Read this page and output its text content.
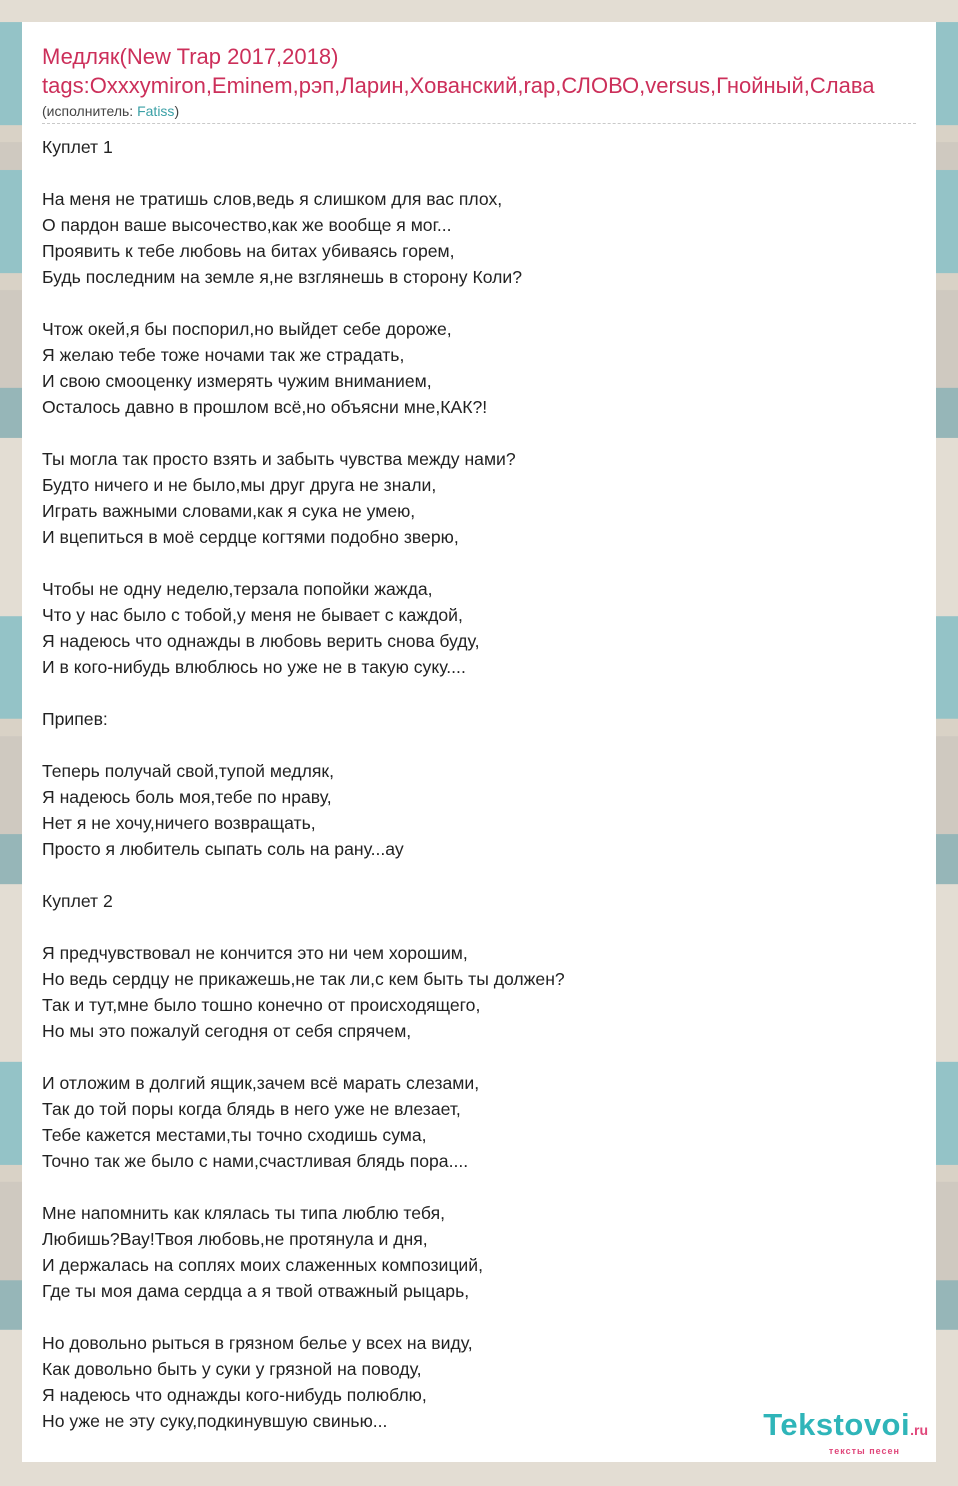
Медляк(New Trap 2017,2018)
tags:Oxxxymiron,Eminem,рэп,Ларин,Хованский,rap,СЛОВО,versus,Гнойный,Слава
(исполнитель: Fatiss)
Куплет 1
На меня не тратишь слов,ведь я слишком для вас плох,
О пардон ваше высочество,как же вообще я мог...
Проявить к тебе любовь на битах убиваясь горем,
Будь последним на земле я,не взглянешь в сторону Коли?
Чтож окей,я бы поспорил,но выйдет себе дороже,
Я желаю тебе тоже ночами так же страдать,
И свою смооценку измерять чужим вниманием,
Осталось давно в прошлом всё,но объясни мне,КАК?!
Ты могла так просто взять и забыть чувства между нами?
Будто ничего и не было,мы друг друга не знали,
Играть важными словами,как я сука не умею,
И вцепиться в моё сердце когтями подобно зверю,
Чтобы не одну неделю,терзала попойки жажда,
Что у нас было с тобой,у меня не бывает с каждой,
Я надеюсь что однажды в любовь верить снова буду,
И в кого-нибудь влюблюсь но уже не в такую суку....
Припев:
Теперь получай свой,тупой медляк,
Я надеюсь боль моя,тебе по нраву,
Нет я не хочу,ничего возвращать,
Просто я любитель сыпать соль на рану...ау
Куплет 2
Я предчувствовал не кончится это ни чем хорошим,
Но ведь сердцу не прикажешь,не так ли,с кем быть ты должен?
Так и тут,мне было тошно конечно от происходящего,
Но мы это пожалуй сегодня от себя спрячем,
И отложим в долгий ящик,зачем всё марать слезами,
Так до той поры когда блядь в него уже не влезает,
Тебе кажется местами,ты точно сходишь сума,
Точно так же было с нами,счастливая блядь пора....
Мне напомнить как клялась ты типа люблю тебя,
Любишь?Вау!Твоя любовь,не протянула и дня,
И держалась на соплях моих слаженных композиций,
Где ты моя дама сердца а я твой отважный рыцарь,
Но довольно рыться в грязном белье у всех на виду,
Как довольно быть у суки у грязной на поводу,
Я надеюсь что однажды кого-нибудь полюблю,
Но уже не эту суку,подкинувшую свинью...	Tekstovoi.ru
тексты песен
